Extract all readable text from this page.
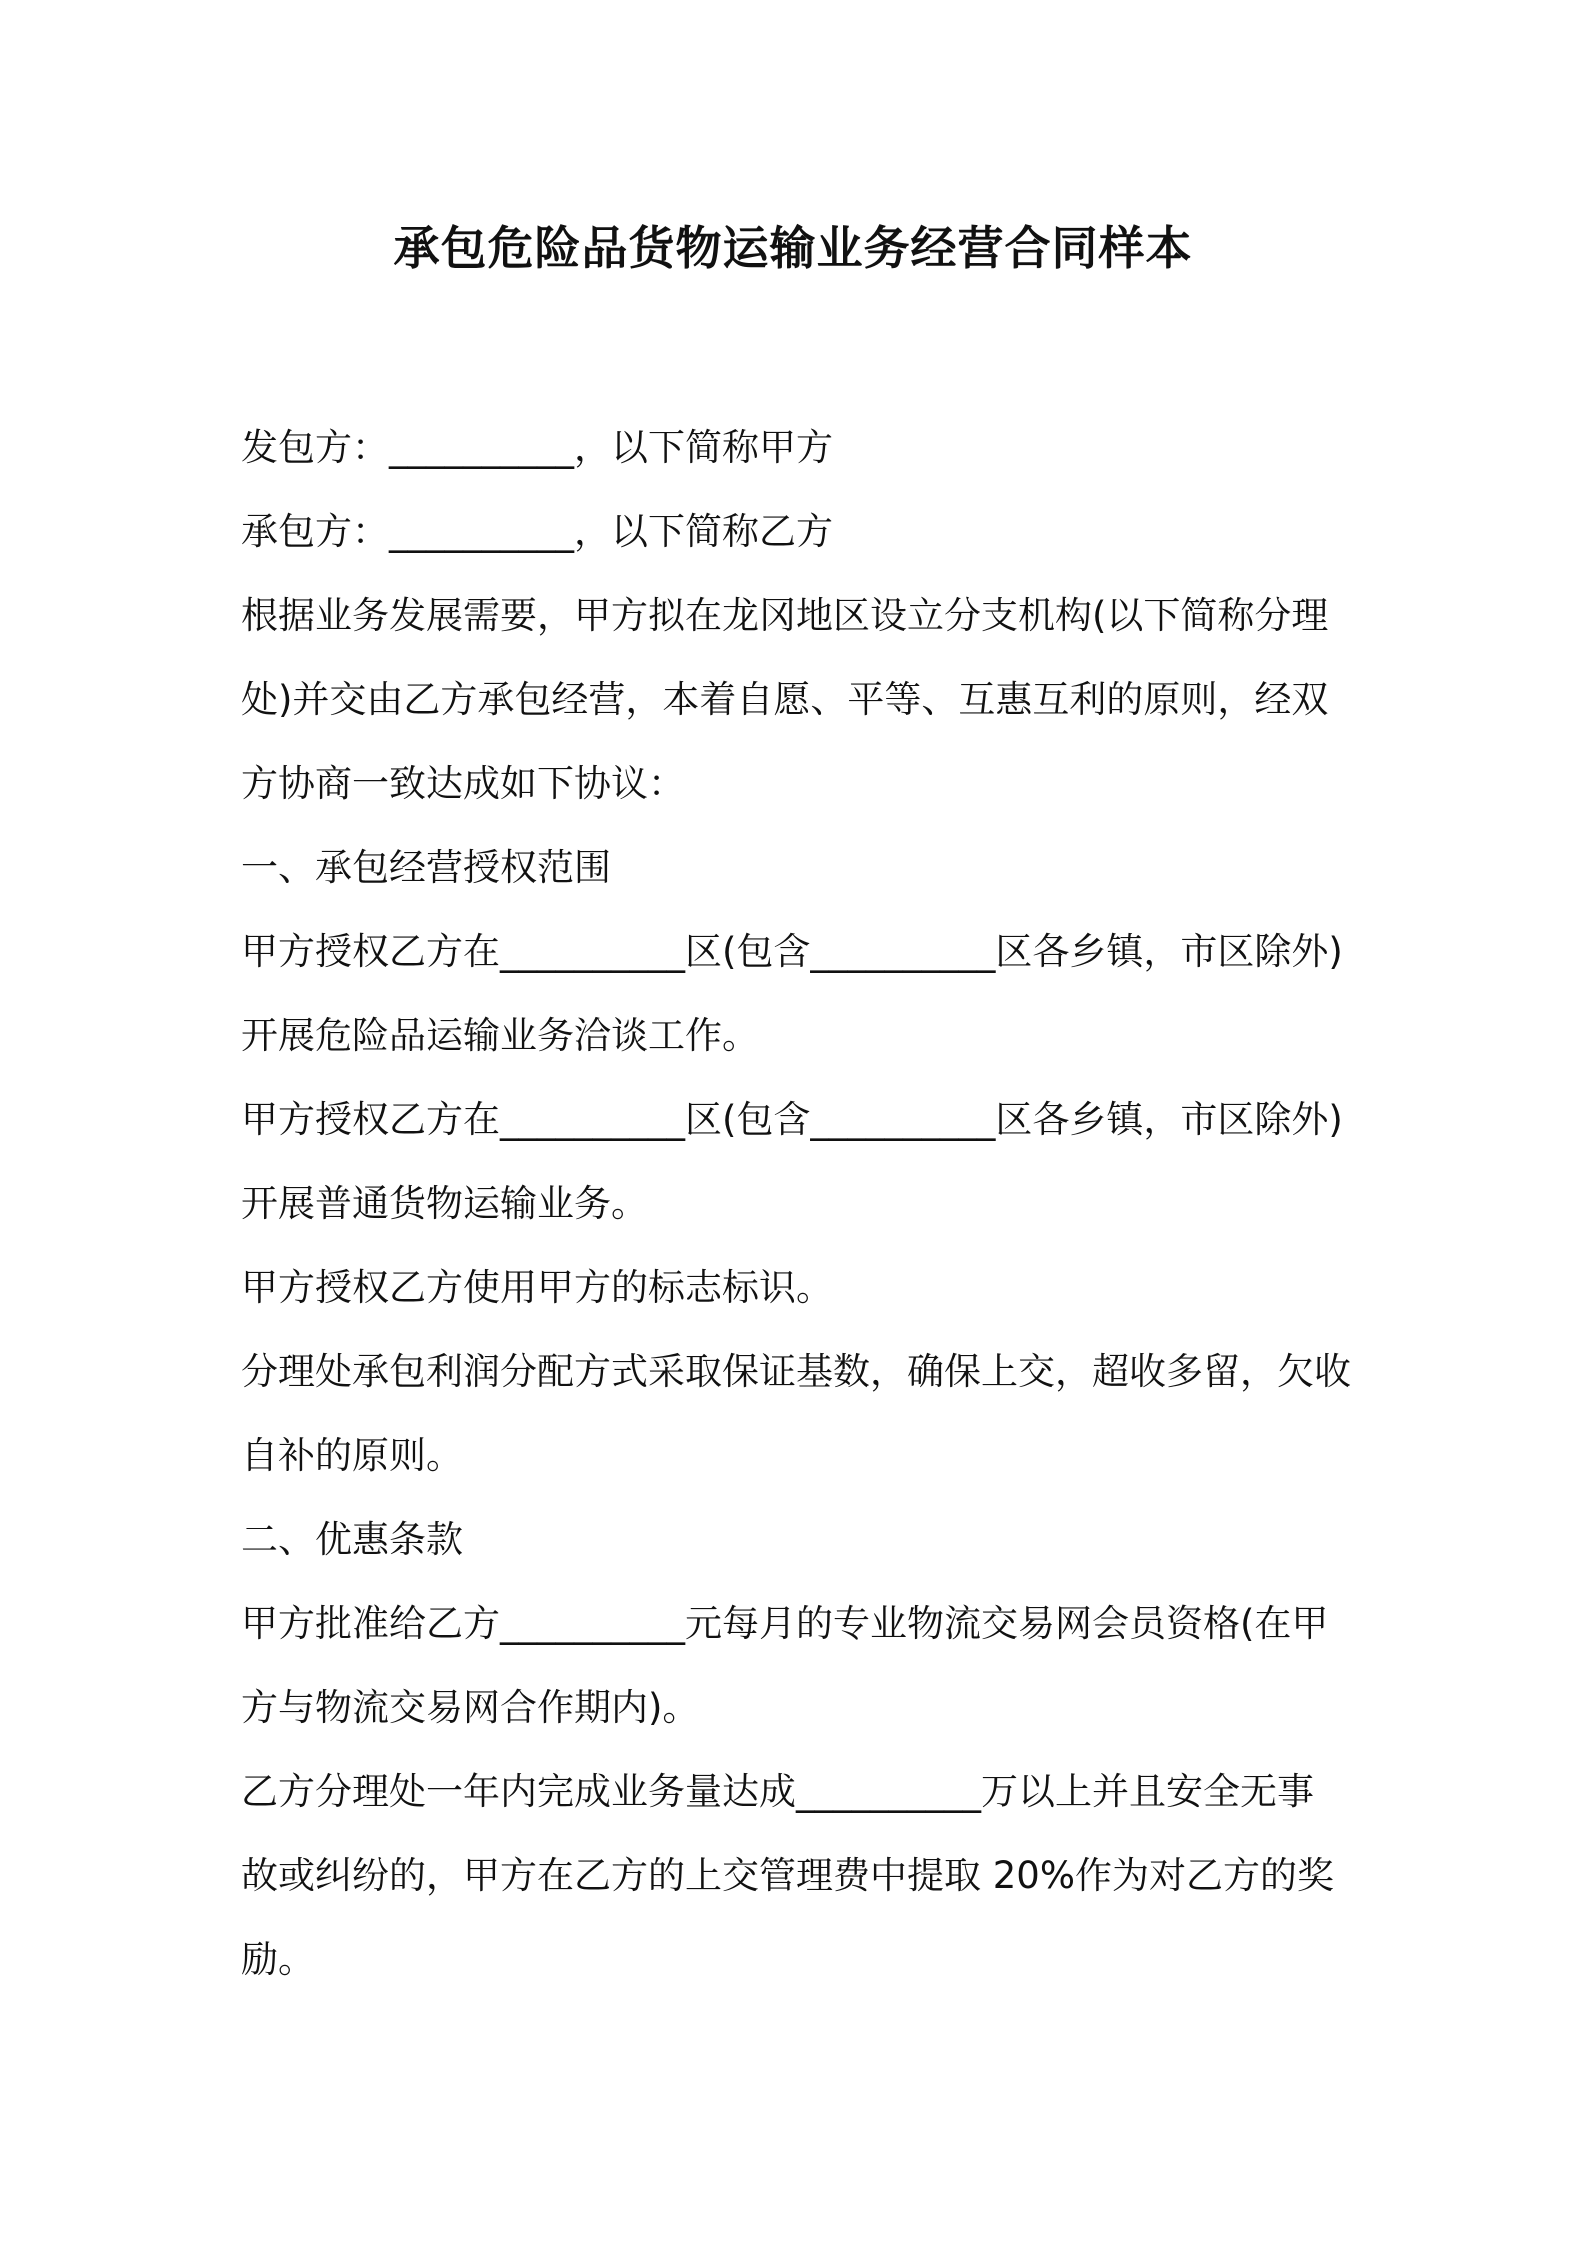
承包危险品货物运输业务经营合同样本
发包方：__________，以下简称甲方
承包方：__________，以下简称乙方
根据业务发展需要，甲方拟在龙冈地区设立分支机构(以下简称分理
处)并交由乙方承包经营，本着自愿、平等、互惠互利的原则，经双
方协商一致达成如下协议：
一、承包经营授权范围
甲方授权乙方在__________区(包含__________区各乡镇，市区除外)
开展危险品运输业务洽谈工作。
甲方授权乙方在__________区(包含__________区各乡镇，市区除外)
开展普通货物运输业务。
甲方授权乙方使用甲方的标志标识。
分理处承包利润分配方式采取保证基数，确保上交，超收多留，欠收
自补的原则。
二、优惠条款
甲方批准给乙方__________元每月的专业物流交易网会员资格(在甲
方与物流交易网合作期内)。
乙方分理处一年内完成业务量达成__________万以上并且安全无事
故或纠纷的，甲方在乙方的上交管理费中提取 20%作为对乙方的奖
励。
